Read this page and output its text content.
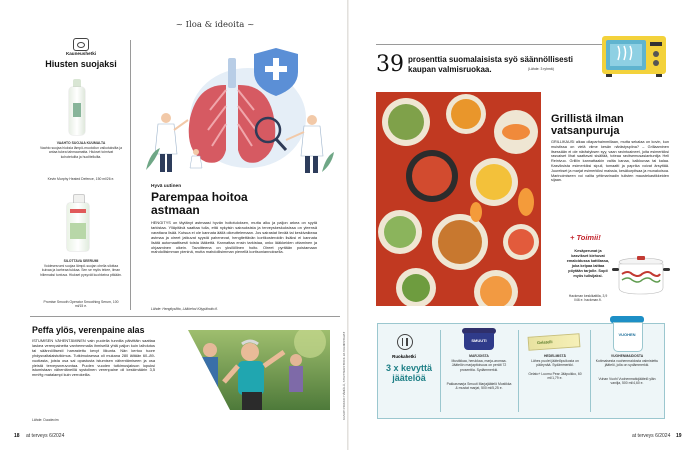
~ Iloa & ideoita ~
Kauneushetki
Hiusten suojaksi
VAAHTO SUOJAA KUUMALTA
Vaahto suojaa hiuksia lämpö-muotoilun vaikutuksilta ja antaa tukea tahmaamatta. Hiukset toimivat kohotetuilta ja huolitelluilta.
Kevin Murphy Heated Defence, 150 ml/26 e.
SILOTTAVA SEERUMI
Voidesesrumi suojaa lämpö-suojan ohella silottaa kuivaa ja karheaa tukkaa. Sen se myös tekee, ilman hiilemaksi tuntuva. Hiukset pysyvät kuohkeina pitkään.
Promise Smooth Operator Smoothing Serum, 100 ml/15 e.
Hyvä uutinen
Parempaa hoitoa astmaan
HENGITYS on täytänyt astmaasi hyvän hoitotuloksen, mutta alku ja paljon arkea on syytä tarkistaa. Ylläpitävä saattaa tulla, että nykyisin sairauksista ja terveyskeskuksissa on yleensä varattava lisää. Kutsua ei ole kannata ääliä oikeuttelemaan. Jos sairastat lievää tai keskivaikeaa astmaa ja oireet jatkuvat syystä pahenevat, hengitettävän kortikosteroidin lisäksi ei kannata lisätä automaattisesti toista lääkettä. Kannattaa ensin tarkistaa, onko lääkkeiden ottaminen ja ohjaaminen oikein. Tavoitteena on yksilöllinen hoito. Oireet pyritään poistamaan mahdollisimman pieninä, mutta mahdollisimman pienellä kortisoniannoksella.
Lähde: Hengityslitto, Lääkehoi Käypähoito.fi.
Peffa ylös, verenpaine alas
ISTUMISEN VÄHENTÄMINEN vain puolella tunnilla päivittäin saattaa laskea verenpainetta vanhemmalla ihmisellä yhtä paljon kuin laihdutus tai säännöllisesti harrastettu kevyt liikunta. Nän kertoo tuore yhdysvaltalaistutkimus. Tutkimuksessa oli mukana 280 iältään 60–89-vuotiasta, joista osa sai opastusta istumisen vähentämiseen ja osa yleistä terveysneuvontaa. Puolen vuoden tutkimusjakson lopuksi istumistaan vähentäneillä systolinen verenpaine oli keskimäärin 3,5 mmHg matalampi kuin verrokeilla.
Lähde: Duodecim	KUVAT PIRKKO HÄMÄLÄ, SHUTTERSTOCK JA VALMISTAJAT
18 at terveys 6/2024
39 prosenttia suomalaisista syö säännöllisesti kaupan valmisruokaa.	(Lähde: 3 ryhmä)
Grillistä ilman vatsanpuruja
GRILLIKAUSI alkaa ollaparhaimmillaan, mutta sekalaa on kovin, kun muistissa on vielä viime kesän närästyspiina? – Grillaaminen itsessään ei ole närästyksen syy, vaan ravintoaineet, joita esimerkiksi rasvaiset lihat saattavat sisältää, toteaa ravitsemusasiantuntija Heli Reinivuo. Grilliin kannattaakin valita kanaa, kalkkunaa tai kalaa. Kasviksista esimerkiksi sipuli, tomaatti ja paprika voivat ärsyttää. Juurekset ja marjat esimerkiksi maissia, kesäkurpitsaa ja munakoisoa. Marinoimiseen voi valita yrttimarinadin tulisten maustekastikkeiden sijaan.
+ Toimii!
Kesäperunat ja kasvikset kiehuvat emaloidussa kattilassa, joka kelpaa laittaa pöytään tarjolle. Sopii myös tulisijaksi.
Hackman keskikattila, 3,9 l/46 e. hackman.fi.
Ruokahetki
3 x kevyttä jäätelöä
SMUUTI
MARJOISTA
Mustikkaa, herukkaa, marja-aromaa. Jäätelön marjapitoisuus on peräti 72 prosenttia. Sydämmerkki.
Pakkasmarja Smuuti Marjajäätelö Mustikka & mustat marjat, 500 ml/5,25 e.
Gelatelli
HEDELMISTÄ
Lähes puolet jäätelöpuikosta on päärynää. Sydämmerkki.
Gelato+ Luomu Pear Jääpuikko, 60 ml/1,79 e.
VUOHEN
VUOHENMAIDOSTA
Kotimaisesta vuohenmaidosta valmistettu jäätelö, jolla on sydämmerkki.
Vuhan Vuohi Vuohenmaitojäätelö ylän vanilja, 500 ml/4,60 e.
at terveys 6/2024 19
